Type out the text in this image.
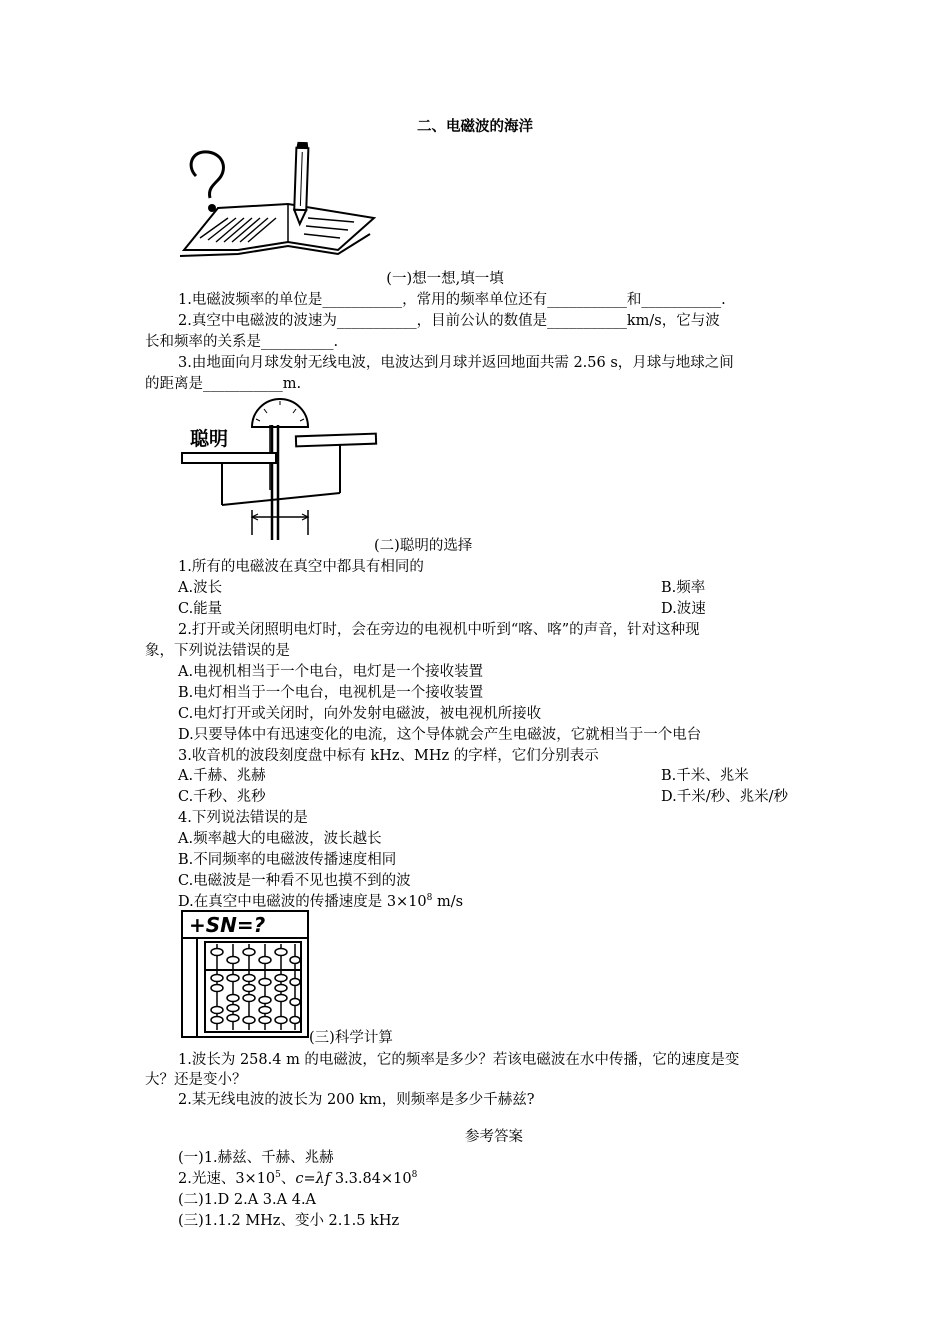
二、电磁波的海洋
(一)想一想,填一填
1.电磁波频率的单位是___________，常用的频率单位还有___________和___________.
2.真空中电磁波的波速为___________，目前公认的数值是___________km/s，它与波
长和频率的关系是__________.
3.由地面向月球发射无线电波，电波达到月球并返回地面共需 2.56 s，月球与地球之间
的距离是___________m.
聪明
(二)聪明的选择
1.所有的电磁波在真空中都具有相同的
A.波长	B.频率
C.能量	D.波速
2.打开或关闭照明电灯时，会在旁边的电视机中听到“喀、喀”的声音，针对这种现
象，下列说法错误的是
A.电视机相当于一个电台，电灯是一个接收装置
B.电灯相当于一个电台，电视机是一个接收装置
C.电灯打开或关闭时，向外发射电磁波，被电视机所接收
D.只要导体中有迅速变化的电流，这个导体就会产生电磁波，它就相当于一个电台
3.收音机的波段刻度盘中标有 kHz、MHz 的字样，它们分别表示
A.千赫、兆赫	B.千米、兆米
C.千秒、兆秒	D.千米/秒、兆米/秒
4.下列说法错误的是
A.频率越大的电磁波，波长越长
B.不同频率的电磁波传播速度相同
C.电磁波是一种看不见也摸不到的波
D.在真空中电磁波的传播速度是 $3\times 10^8$ m/s
+SN=?
(三)科学计算
1.波长为 258.4 m 的电磁波，它的频率是多少？若该电磁波在水中传播，它的速度是变
大？还是变小？
2.某无线电波的波长为 200 km，则频率是多少千赫兹?
参考答案
(一)1.赫兹、千赫、兆赫
2.光速、$3\times 10^5$、c=λf $3.3.84\times 10^8$
(二)1.D 2.A 3.A 4.A
(三)1.1.2 MHz、变小 2.1.5 kHz
